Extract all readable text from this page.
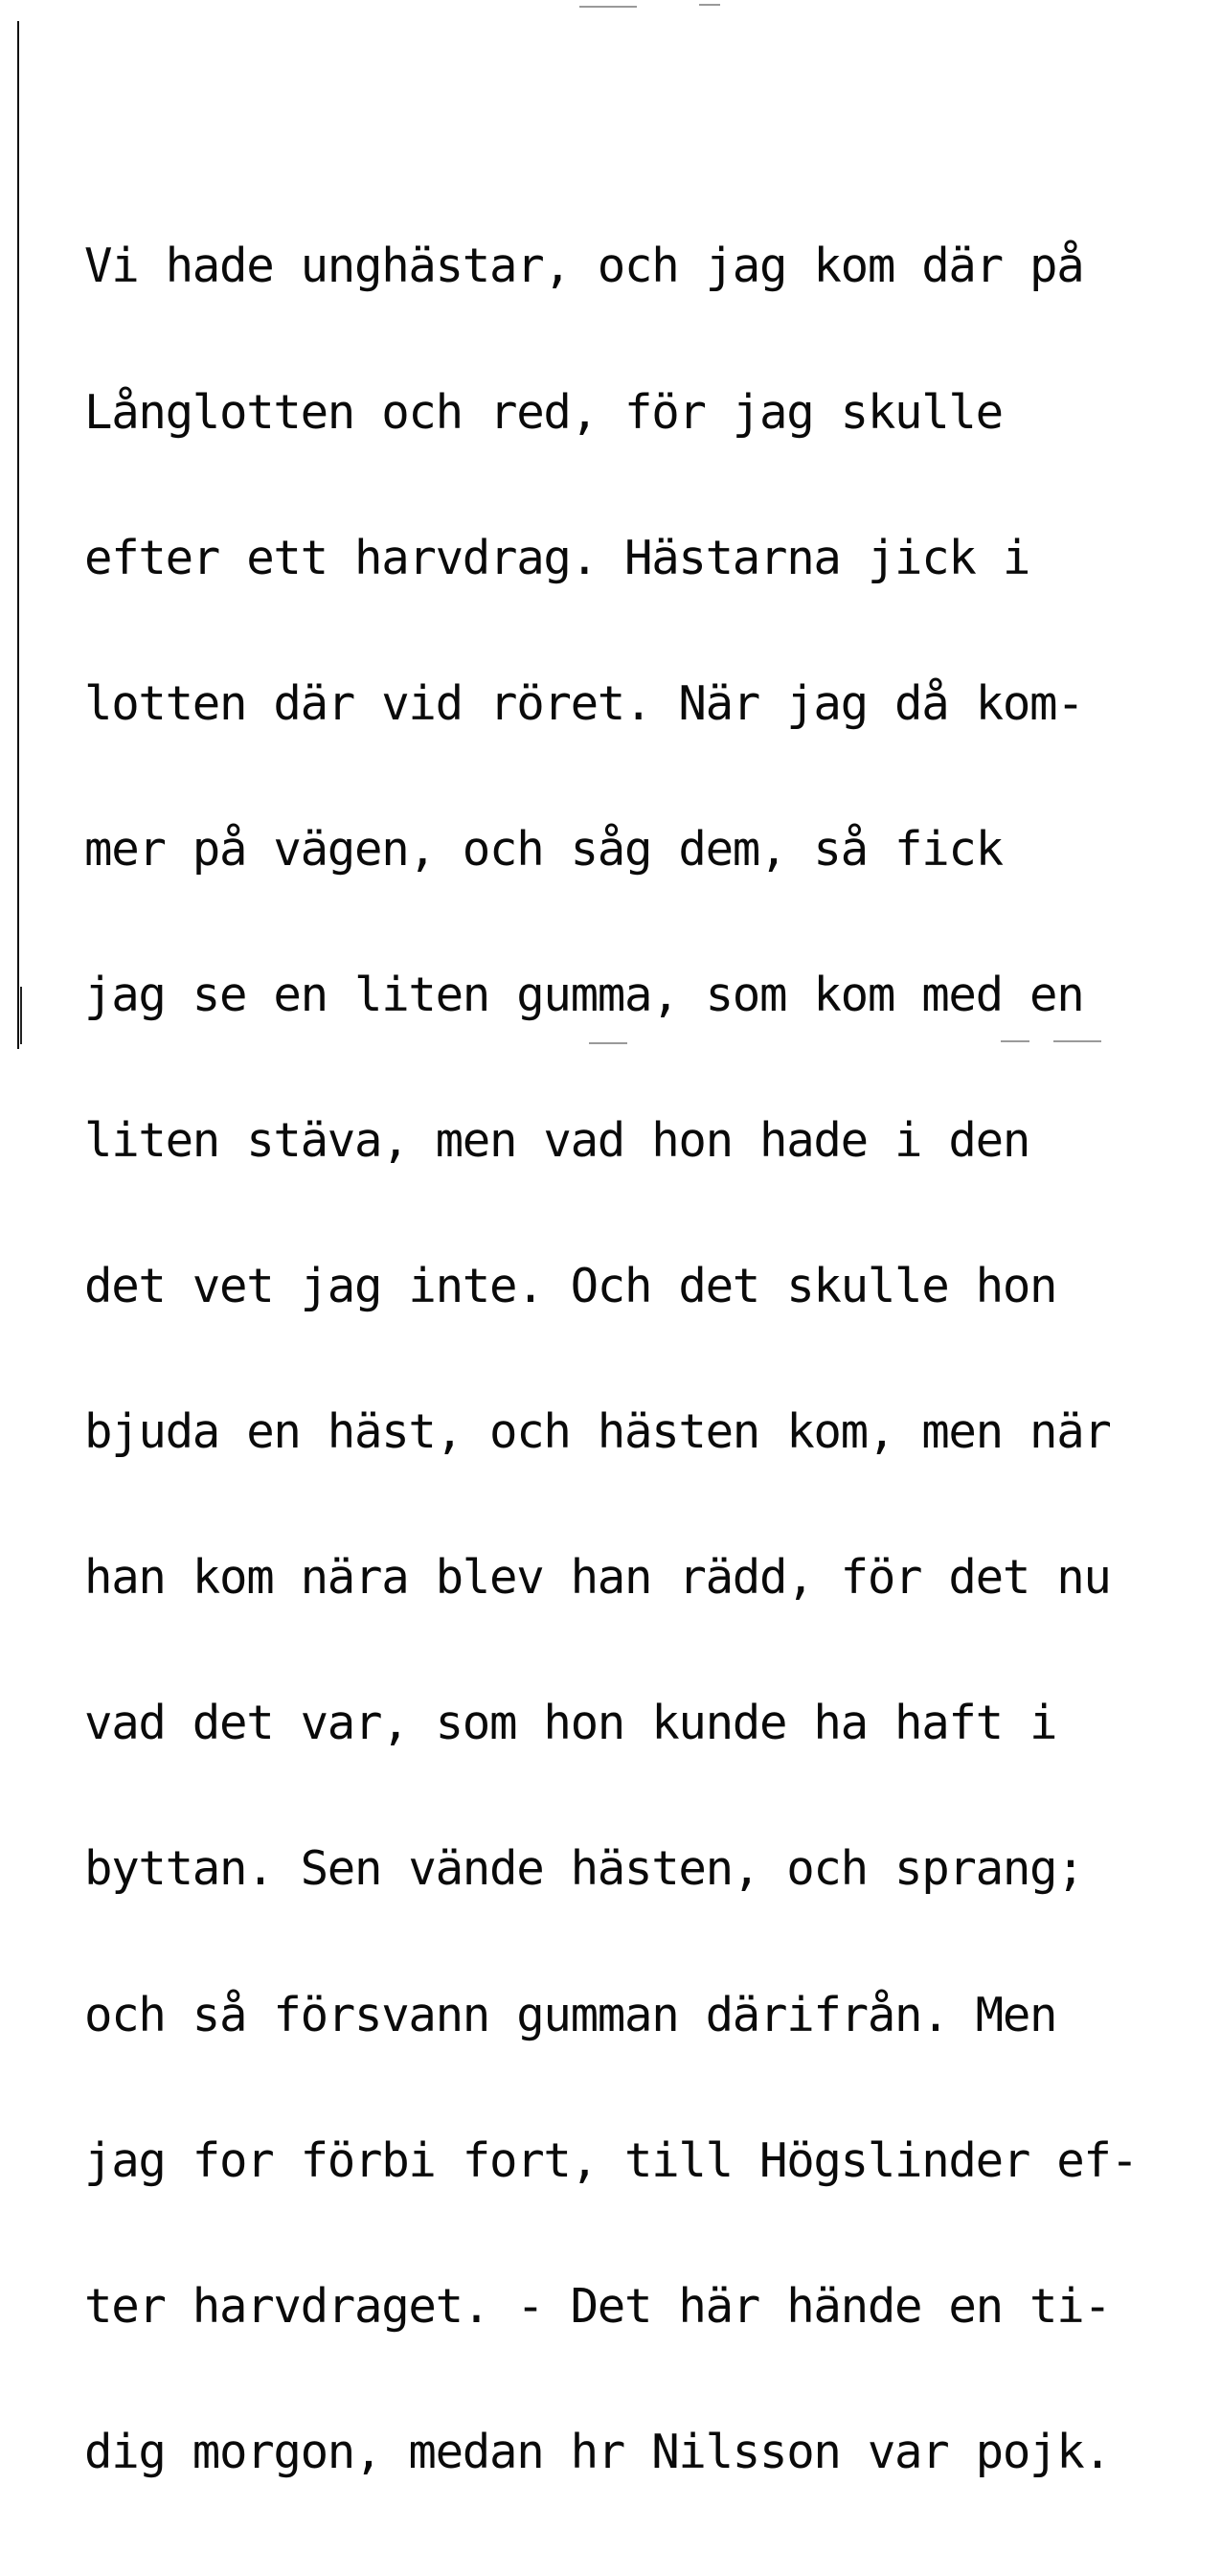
Vi hade unghästar, och jag kom där på

Långlotten och red, för jag skulle

efter ett harvdrag. Hästarna jick i

lotten där vid röret. När jag då kom-

mer på vägen, och såg dem, så fick

jag se en liten gumma, som kom med en

liten stäva, men vad hon hade i den

det vet jag inte. Och det skulle hon

bjuda en häst, och hästen kom, men när

han kom nära blev han rädd, för det nu

vad det var, som hon kunde ha haft i

byttan. Sen vände hästen, och sprang;

och så försvann gumman därifrån. Men

jag for förbi fort, till Högslinder ef-

ter harvdraget. - Det här hände en ti-

dig morgon, medan hr Nilsson var pojk.
